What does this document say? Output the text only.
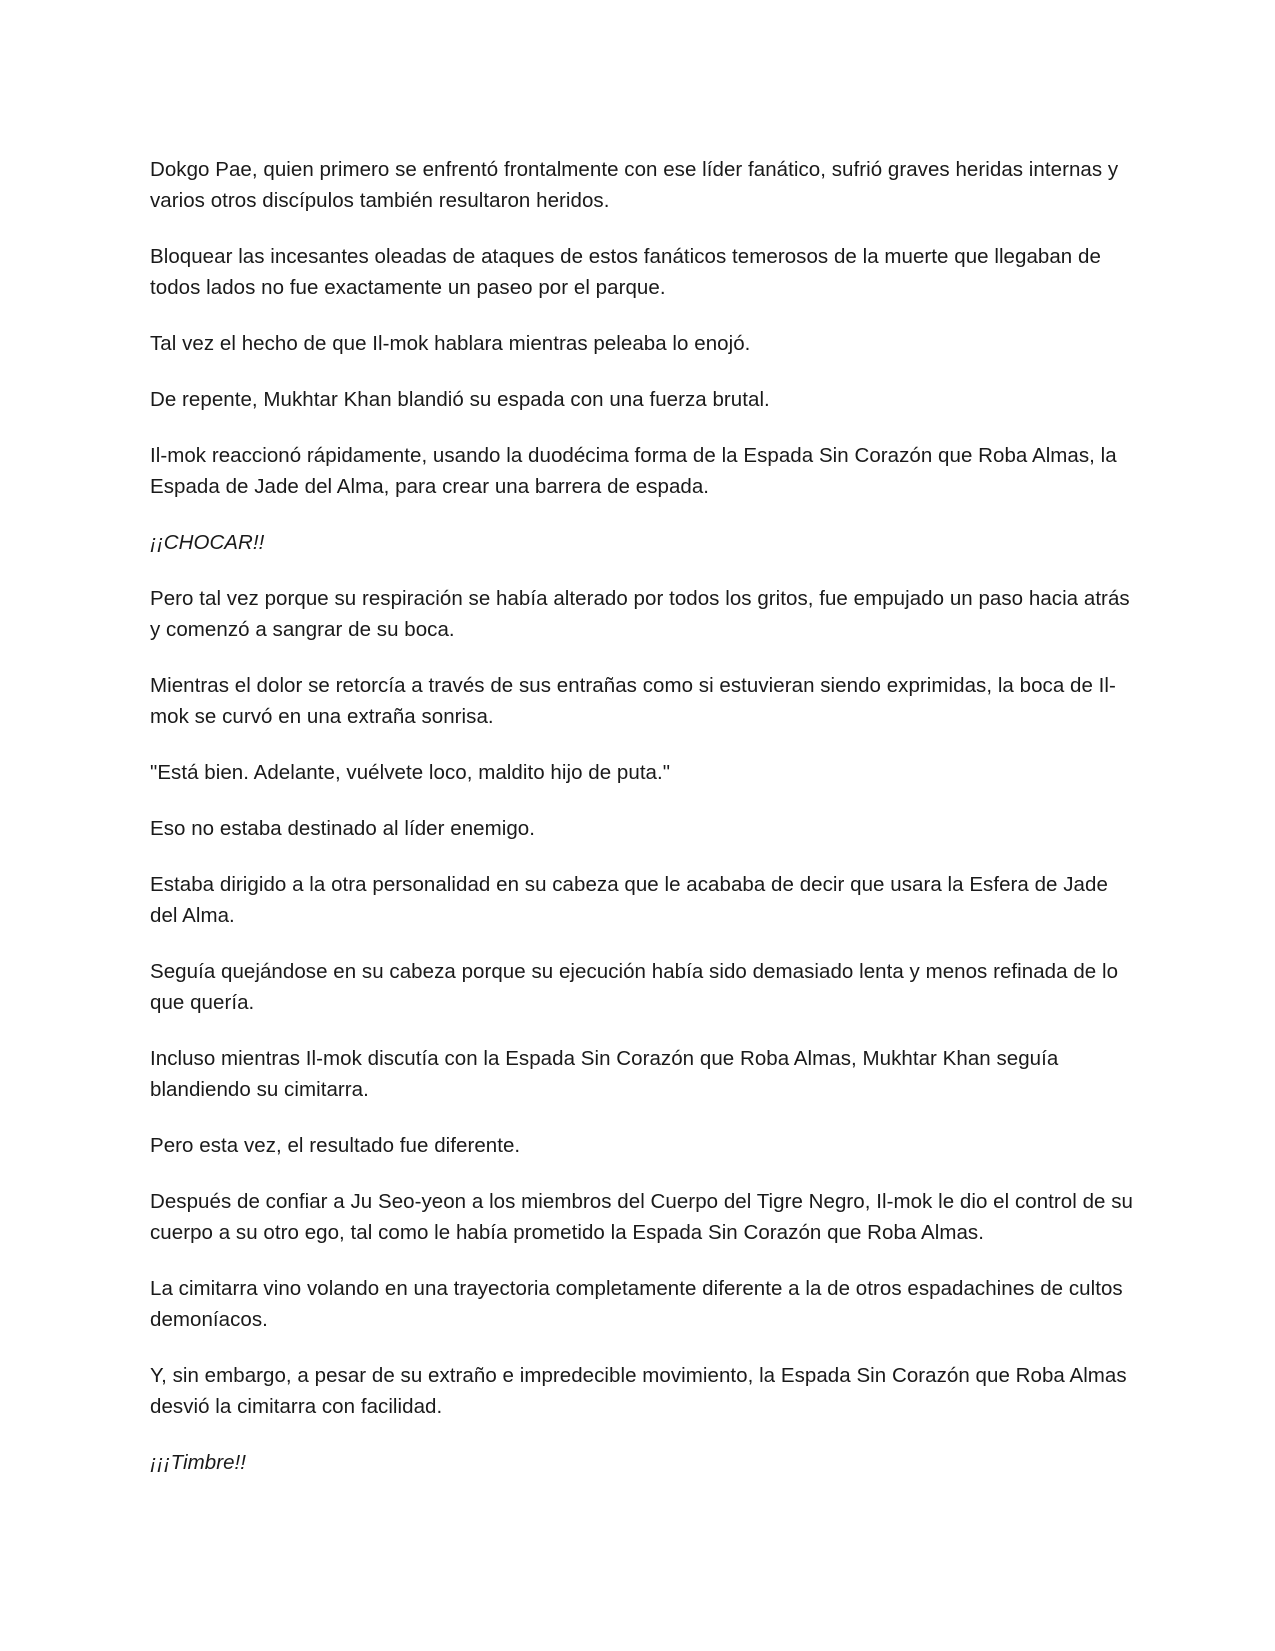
Dokgo Pae, quien primero se enfrentó frontalmente con ese líder fanático, sufrió graves heridas internas y varios otros discípulos también resultaron heridos.

Bloquear las incesantes oleadas de ataques de estos fanáticos temerosos de la muerte que llegaban de todos lados no fue exactamente un paseo por el parque.

Tal vez el hecho de que Il-mok hablara mientras peleaba lo enojó.

De repente, Mukhtar Khan blandió su espada con una fuerza brutal.

Il-mok reaccionó rápidamente, usando la duodécima forma de la Espada Sin Corazón que Roba Almas, la Espada de Jade del Alma, para crear una barrera de espada.

¡¡CHOCAR!!

Pero tal vez porque su respiración se había alterado por todos los gritos, fue empujado un paso hacia atrás y comenzó a sangrar de su boca.

Mientras el dolor se retorcía a través de sus entrañas como si estuvieran siendo exprimidas, la boca de Il-mok se curvó en una extraña sonrisa.

"Está bien. Adelante, vuélvete loco, maldito hijo de puta."

Eso no estaba destinado al líder enemigo.

Estaba dirigido a la otra personalidad en su cabeza que le acababa de decir que usara la Esfera de Jade del Alma.

Seguía quejándose en su cabeza porque su ejecución había sido demasiado lenta y menos refinada de lo que quería.

Incluso mientras Il-mok discutía con la Espada Sin Corazón que Roba Almas, Mukhtar Khan seguía blandiendo su cimitarra.

Pero esta vez, el resultado fue diferente.

Después de confiar a Ju Seo-yeon a los miembros del Cuerpo del Tigre Negro, Il-mok le dio el control de su cuerpo a su otro ego, tal como le había prometido la Espada Sin Corazón que Roba Almas.

La cimitarra vino volando en una trayectoria completamente diferente a la de otros espadachines de cultos demoníacos.

Y, sin embargo, a pesar de su extraño e impredecible movimiento, la Espada Sin Corazón que Roba Almas desvió la cimitarra con facilidad.

¡¡¡Timbre!!
